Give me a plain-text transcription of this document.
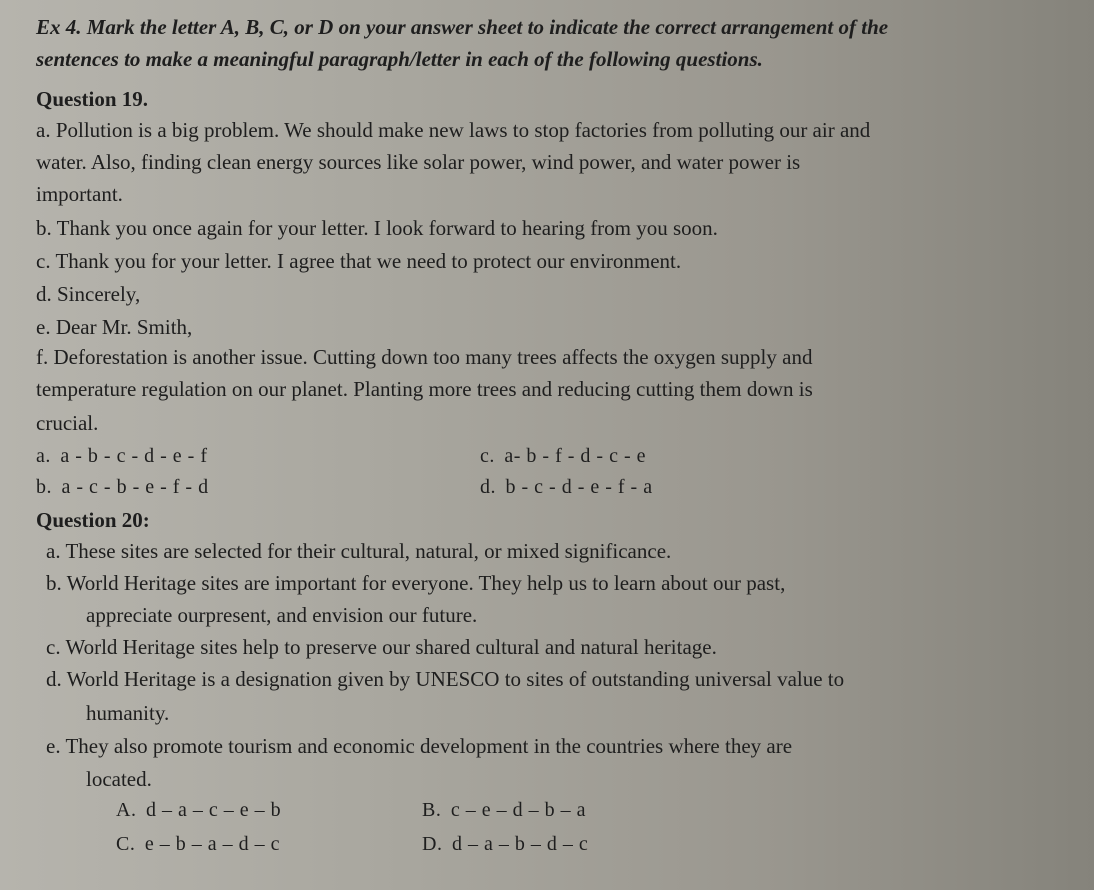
Ex 4. Mark the letter A, B, C, or D on your answer sheet to indicate the correct arrangement of the
sentences to make a meaningful paragraph/letter in each of the following questions.
Question 19.
a. Pollution is a big problem. We should make new laws to stop factories from polluting our air and
water. Also, finding clean energy sources like solar power, wind power, and water power is
important.
b. Thank you once again for your letter. I look forward to hearing from you soon.
c. Thank you for your letter. I agree that we need to protect our environment.
d. Sincerely,
e. Dear Mr. Smith,
f. Deforestation is another issue. Cutting down too many trees affects the oxygen supply and
temperature regulation on our planet. Planting more trees and reducing cutting them down is
crucial.
a. a - b - c - d - e - f	c. a- b - f - d - c - e
b. a - c - b - e - f - d	d. b - c - d - e - f - a
Question 20:
a. These sites are selected for their cultural, natural, or mixed significance.
b. World Heritage sites are important for everyone. They help us to learn about our past,
appreciate ourpresent, and envision our future.
c. World Heritage sites help to preserve our shared cultural and natural heritage.
d. World Heritage is a designation given by UNESCO to sites of outstanding universal value to
humanity.
e. They also promote tourism and economic development in the countries where they are
located.
A. d – a – c – e – b	B. c – e – d – b – a
C. e – b – a – d – c	D. d – a – b – d – c
